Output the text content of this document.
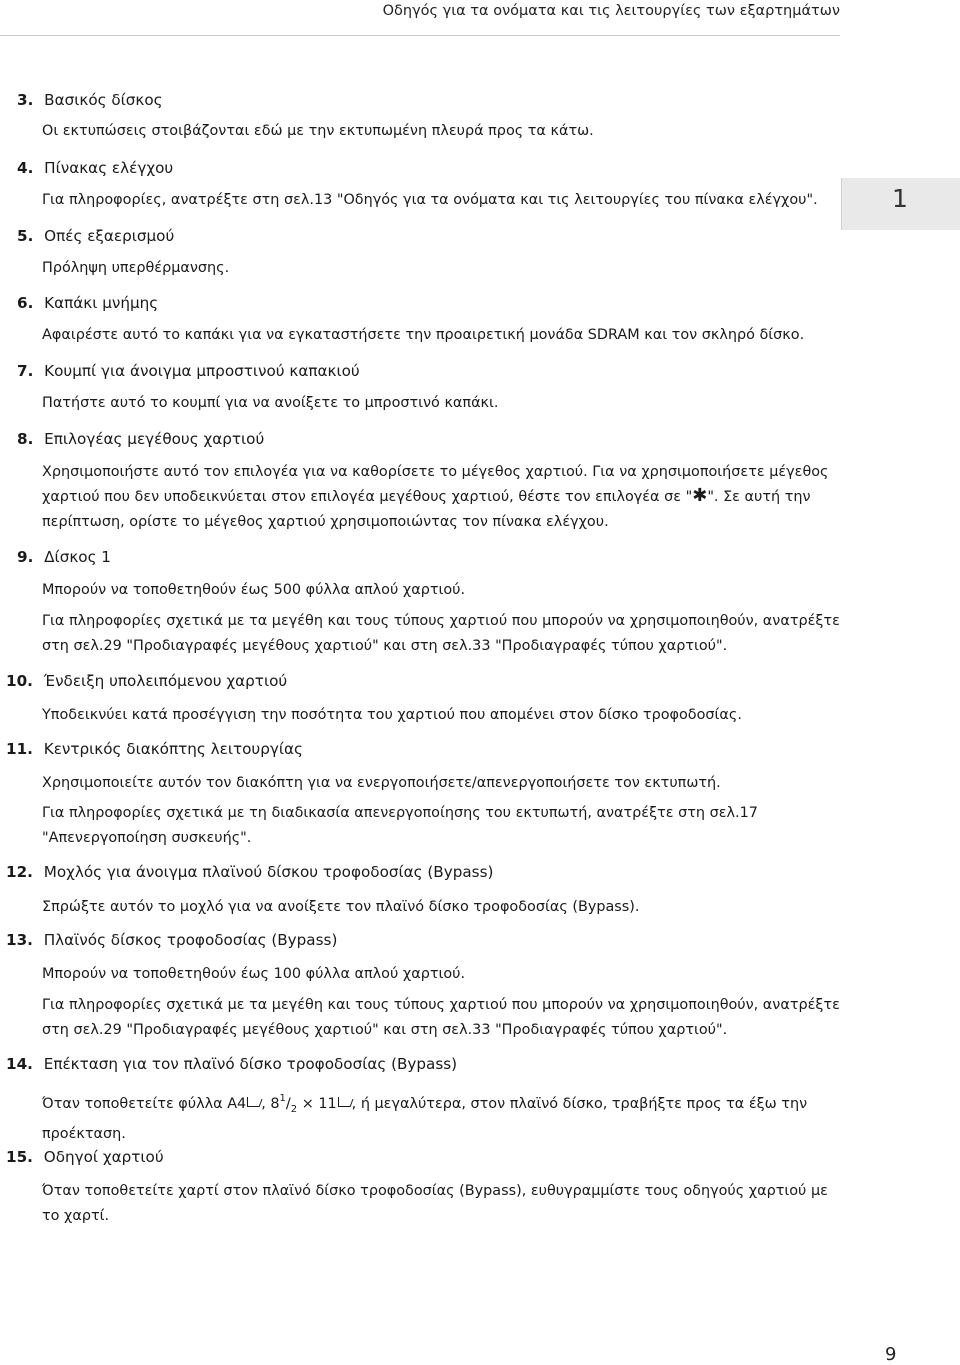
Οδηγός για τα ονόματα και τις λειτουργίες των εξαρτημάτων
1
3. Βασικός δίσκος
Οι εκτυπώσεις στοιβάζονται εδώ με την εκτυπωμένη πλευρά προς τα κάτω.
4. Πίνακας ελέγχου
Για πληροφορίες, ανατρέξτε στη σελ.13 "Οδηγός για τα ονόματα και τις λειτουργίες του πίνακα ελέγχου".
5. Οπές εξαερισμού
Πρόληψη υπερθέρμανσης.
6. Καπάκι μνήμης
Αφαιρέστε αυτό το καπάκι για να εγκαταστήσετε την προαιρετική μονάδα SDRAM και τον σκληρό δίσκο.
7. Κουμπί για άνοιγμα μπροστινού καπακιού
Πατήστε αυτό το κουμπί για να ανοίξετε το μπροστινό καπάκι.
8. Επιλογέας μεγέθους χαρτιού
Χρησιμοποιήστε αυτό τον επιλογέα για να καθορίσετε το μέγεθος χαρτιού. Για να χρησιμοποιήσετε μέγεθος χαρτιού που δεν υποδεικνύεται στον επιλογέα μεγέθους χαρτιού, θέστε τον επιλογέα σε "✱". Σε αυτή την περίπτωση, ορίστε το μέγεθος χαρτιού χρησιμοποιώντας τον πίνακα ελέγχου.
9. Δίσκος 1
Μπορούν να τοποθετηθούν έως 500 φύλλα απλού χαρτιού.
Για πληροφορίες σχετικά με τα μεγέθη και τους τύπους χαρτιού που μπορούν να χρησιμοποιηθούν, ανατρέξτε στη σελ.29 "Προδιαγραφές μεγέθους χαρτιού" και στη σελ.33 "Προδιαγραφές τύπου χαρτιού".
10. Ένδειξη υπολειπόμενου χαρτιού
Υποδεικνύει κατά προσέγγιση την ποσότητα του χαρτιού που απομένει στον δίσκο τροφοδοσίας.
11. Κεντρικός διακόπτης λειτουργίας
Χρησιμοποιείτε αυτόν τον διακόπτη για να ενεργοποιήσετε/απενεργοποιήσετε τον εκτυπωτή.
Για πληροφορίες σχετικά με τη διαδικασία απενεργοποίησης του εκτυπωτή, ανατρέξτε στη σελ.17 "Απενεργοποίηση συσκευής".
12. Μοχλός για άνοιγμα πλαϊνού δίσκου τροφοδοσίας (Bypass)
Σπρώξτε αυτόν το μοχλό για να ανοίξετε τον πλαϊνό δίσκο τροφοδοσίας (Bypass).
13. Πλαϊνός δίσκος τροφοδοσίας (Bypass)
Μπορούν να τοποθετηθούν έως 100 φύλλα απλού χαρτιού.
Για πληροφορίες σχετικά με τα μεγέθη και τους τύπους χαρτιού που μπορούν να χρησιμοποιηθούν, ανατρέξτε στη σελ.29 "Προδιαγραφές μεγέθους χαρτιού" και στη σελ.33 "Προδιαγραφές τύπου χαρτιού".
14. Επέκταση για τον πλαϊνό δίσκο τροφοδοσίας (Bypass)
Όταν τοποθετείτε φύλλα A4 , $8^1/_2 \times 11$ , ή μεγαλύτερα, στον πλαϊνό δίσκο, τραβήξτε προς τα έξω την προέκταση.
15. Οδηγοί χαρτιού
Όταν τοποθετείτε χαρτί στον πλαϊνό δίσκο τροφοδοσίας (Bypass), ευθυγραμμίστε τους οδηγούς χαρτιού με το χαρτί.
9
